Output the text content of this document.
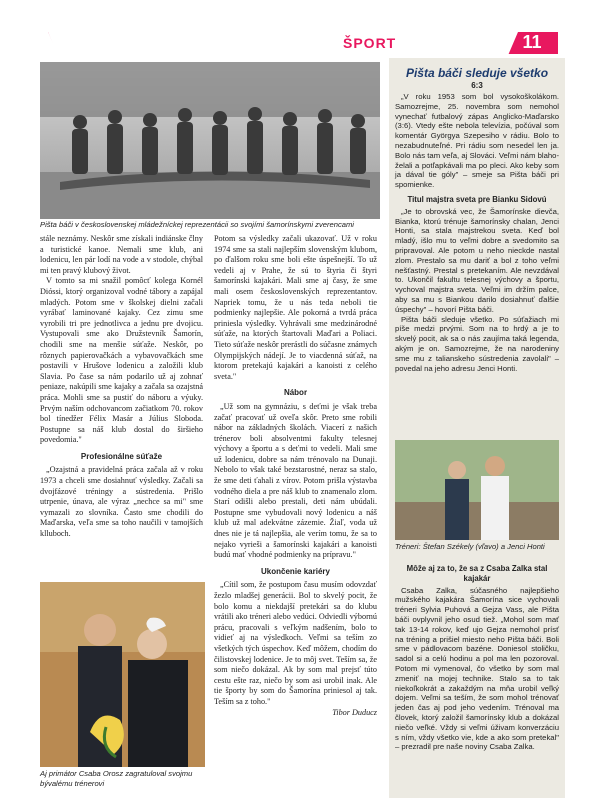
ŠPORT	11
Pišta báči v československej mládežníckej reprezentácii so svojími šamorínskymi zverencami

stále neznámy. Neskôr sme získali indiánske člny a turistické kanoe. Nemali sme klub, ani lodenicu, len pár lodí na vode a v stodole, chýbal mi ten pravý klubový život.

V tomto sa mi snažil pomôcť kolega Kornél Dióssi, ktorý organizoval vodné tábory a zapájal mladých. Potom sme v školskej dielni začali vyrábať laminované kajaky. Cez zimu sme vyrobili tri pre jednotlivca a jednu pre dvojicu. Vystupovali sme ako Družstevník Šamorín, chodili sme na menšie súťaže. Neskôr, po rôznych papierovačkách a vybavovačkách sme postavili v Hrušove lodenicu a založili klub Slavia. Po čase sa nám podarilo už aj zohnať peniaze, nakúpili sme kajaky a začala sa ozajstná práca. Mohli sme sa pustiť do náboru a výuky. Prvým naším odchovancom začiatkom 70. rokov bol tínedžer Félix Masár a Július Sloboda. Postupne sa náš klub dostal do širšieho povedomia."

Profesionálne súťaže

„Ozajstná a pravidelná práca začala až v roku 1973 a chceli sme dosiahnuť výsledky. Začali sa dvojfázové tréningy a sústredenia. Prišlo utrpenie, únava, ale výraz „nechce sa mi" sme vymazali zo slovníka. Často sme chodili do Maďarska, veľa sme sa toho naučili v tamojších klluboch.

Aj primátor Csaba Orosz zagratuloval svojmu bývalému trénerovi

Potom sa výsledky začali ukazovať. Už v roku 1974 sme sa stali najlepším slovenským klubom, po ďalšom roku sme boli ešte úspešnejší. To už vedeli aj v Prahe, že sú to štyria či štyri šamorínski kajakári. Mali sme aj časy, že sme mali osem československých reprezentantov. Napriek tomu, že u nás teda neboli tie podmienky najlepšie. Ale pokorná a tvrdá práca priniesla výsledky. Vyhrávali sme medzinárodné súťaže, na ktorých štartovali Maďari a Poliaci. Tieto súťaže neskôr prerástli do súčasne známych Olympijských nádejí. Je to viacdenná súťaž, na ktorom pretekajú kajakári a kanoisti z celého sveta."

Nábor

„Už som na gymnáziu, s deťmi je však treba začať pracovať už oveľa skôr. Preto sme robili nábor na základných školách. Viacerí z našich trénerov boli absolventmi fakulty telesnej výchovy a športu a s deťmi to vedeli. Mali sme už lodenicu, dobre sa nám trénovalo na Dunaji. Nebolo to však také bezstarostné, neraz sa stalo, že sme deti ťahali z vírov. Potom prišla výstavba vodného diela a pre náš klub to znamenalo zlom. Starí odišli alebo prestali, deti nám ubúdali. Postupne sme vybudovali nový lodenicu a náš klub už mal adekvátne zázemie. Žiaľ, voda už dnes nie je tá najlepšia, ale verím tomu, že sa to nejako vyrieši a šamorínski kajakári a kanoisti budú mať vhodné podmienky na prípravu."

Ukončenie kariéry

„Cítil som, že postupom času musím odovzdať žezlo mladšej generácii. Bol to skvelý pocit, že bolo komu a niekdajší pretekári sa do klubu vrátili ako tréneri alebo vedúci. Odviedli výbornú prácu, pracovali s veľkým nadšením, bolo to vidieť aj na výsledkoch. Veľmi sa teším zo všetkých tých úspechov. Keď môžem, chodím do čilistovskej lodenice. Je to môj svet. Teším sa, že som niečo dokázal. Ak by som mal prejsť túto cestu ešte raz, niečo by som asi urobil inak. Ale tie športy by som do Šamorína priniesol aj tak. Teším sa z toho."

Tibor Duducz
Pišta báči sleduje všetko
6:3

„V roku 1953 som bol vysokoškolákom. Samozrejme, 25. novembra som nemohol vynechať futbalový zápas Anglicko-Maďarsko (3:6). Vtedy ešte nebola televízia, počúval som komentár Györgya Szepesiho v rádiu. Bolo to nezabudnuteľné. Pri rádiu som nesedel len ja. Bolo nás tam veľa, aj Slováci. Veľmi nám blahoželali a potľapkávali ma po pleci. Ako keby som ja dával tie góly" – smeje sa Pišta báči pri spomienke.

Titul majstra sveta pre Bianku Sidovú

„Je to obrovská vec, že Šamorínske dievča, Bianka, ktorú trénuje šamorínsky chalan, Jenci Honti, sa stala majstrekou sveta. Keď bol mladý, išlo mu to veľmi dobre a svedomito sa pripravoval. Ale potom u neho nieckde nastal zlom. Prestalo sa mu dariť a bol z toho veľmi nešťastný. Prestal s pretekaním. Ale nevzdával to. Ukončil fakultu telesnej výchovy a športu, vychoval majstra sveta. Veľmi im držím palce, aby sa mu s Biankou darilo dosiahnuť ďalšie úspechy" – hovorí Pišta báči.

Pišta báči sleduje všetko. Po súťažiach mi píše medzi prvými. Som na to hrdý a je to skvelý pocit, ak sa o nás zaujíma taká legenda, akým je on. Samozrejme, že na narodeniny sme mu z talianskeho sústredenia zavolali" – povedal na jeho adresu Jenci Honti.

Tréneri: Štefan Székely (vľavo) a Jenci Honti
Môže aj za to, že sa z Csaba Zalka stal kajakár

Csaba Zalka, súčasného najlepšieho mužského kajakára Šamorína sice vychovali tréneri Sylvia Puhová a Gejza Vass, ale Pišta báči ovplyvnil jeho osud tiež. „Mohol som mať tak 13-14 rokov, keď ujo Gejza nemohol prísť na tréning a prišiel miesto neho Pišta báči. Boli sme v pádlovacom bazéne. Doniesol stoličku, sadol si a celú hodinu a pol ma len pozoroval. Potom mi vymenoval, čo všetko by som mal zmeniť na mojej technike. Stalo sa to tak niekoľkokrát a zakaždým na mňa urobil veľký dojem. Veľmi sa teším, že som mohol trénovať jeden čas aj pod jeho vedením. Trénoval ma človek, ktorý založil šamorínsky klub a dokázal niečo veľké. Vždy si veľmi úživam konverzáciu s ním, vždy všetko vie, kde a ako som pretekal" – prezradil pre naše noviny Csaba Zalka.
